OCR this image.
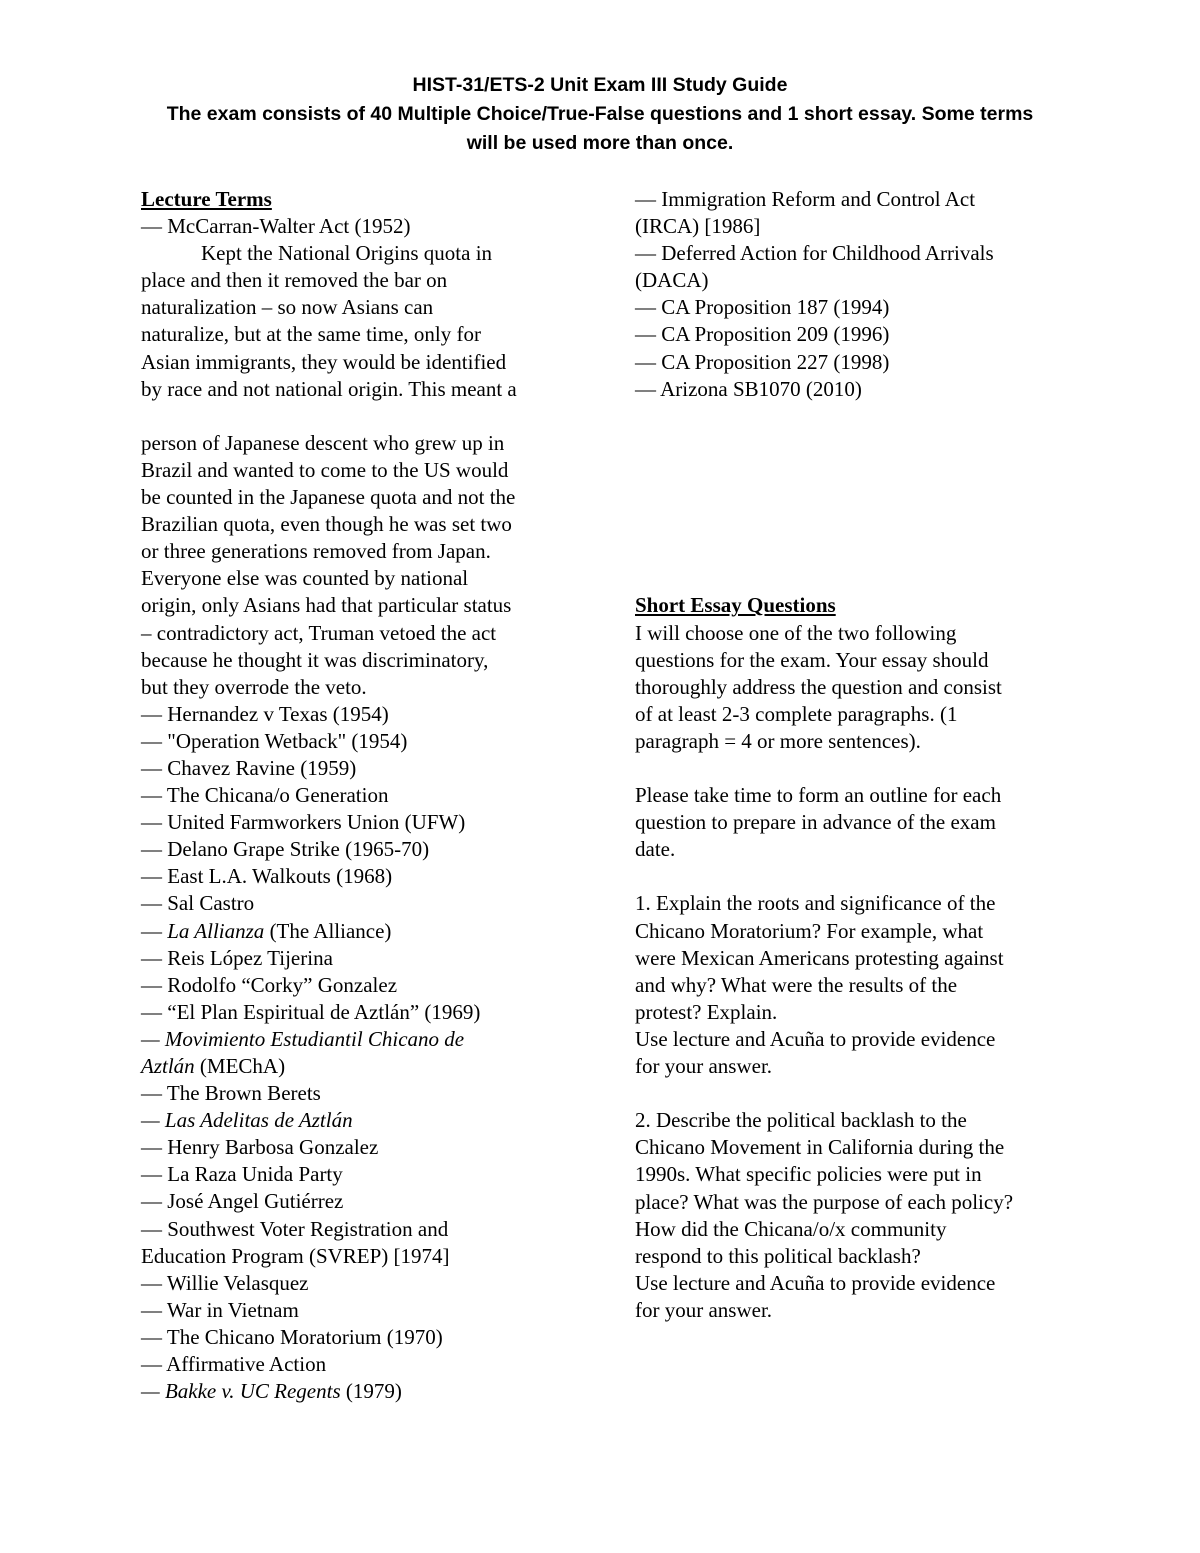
HIST-31/ETS-2 Unit Exam III Study Guide
The exam consists of 40 Multiple Choice/True-False questions and 1 short essay. Some terms
will be used more than once.
Lecture Terms
— McCarran-Walter Act (1952)
Kept the National Origins quota in
place and then it removed the bar on
naturalization – so now Asians can
naturalize, but at the same time, only for
Asian immigrants, they would be identified
by race and not national origin. This meant a
person of Japanese descent who grew up in
Brazil and wanted to come to the US would
be counted in the Japanese quota and not the
Brazilian quota, even though he was set two
or three generations removed from Japan.
Everyone else was counted by national
origin, only Asians had that particular status
– contradictory act, Truman vetoed the act
because he thought it was discriminatory,
but they overrode the veto.
— Hernandez v Texas (1954)
— "Operation Wetback" (1954)
— Chavez Ravine (1959)
— The Chicana/o Generation
— United Farmworkers Union (UFW)
— Delano Grape Strike (1965-70)
— East L.A. Walkouts (1968)
— Sal Castro
— La Allianza (The Alliance)
— Reis López Tijerina
— Rodolfo “Corky” Gonzalez
— “El Plan Espiritual de Aztlán” (1969)
— Movimiento Estudiantil Chicano de
Aztlán (MEChA)
— The Brown Berets
— Las Adelitas de Aztlán
— Henry Barbosa Gonzalez
— La Raza Unida Party
— José Angel Gutiérrez
— Southwest Voter Registration and
Education Program (SVREP) [1974]
— Willie Velasquez
— War in Vietnam
— The Chicano Moratorium (1970)
— Affirmative Action
— Bakke v. UC Regents (1979)
— Immigration Reform and Control Act
(IRCA) [1986]
— Deferred Action for Childhood Arrivals
(DACA)
— CA Proposition 187 (1994)
— CA Proposition 209 (1996)
— CA Proposition 227 (1998)
— Arizona SB1070 (2010)
Short Essay Questions
I will choose one of the two following
questions for the exam. Your essay should
thoroughly address the question and consist
of at least 2-3 complete paragraphs. (1
paragraph = 4 or more sentences).
Please take time to form an outline for each
question to prepare in advance of the exam
date.
1. Explain the roots and significance of the
Chicano Moratorium? For example, what
were Mexican Americans protesting against
and why? What were the results of the
protest? Explain.
Use lecture and Acuña to provide evidence
for your answer.
2. Describe the political backlash to the
Chicano Movement in California during the
1990s. What specific policies were put in
place? What was the purpose of each policy?
How did the Chicana/o/x community
respond to this political backlash?
Use lecture and Acuña to provide evidence
for your answer.
